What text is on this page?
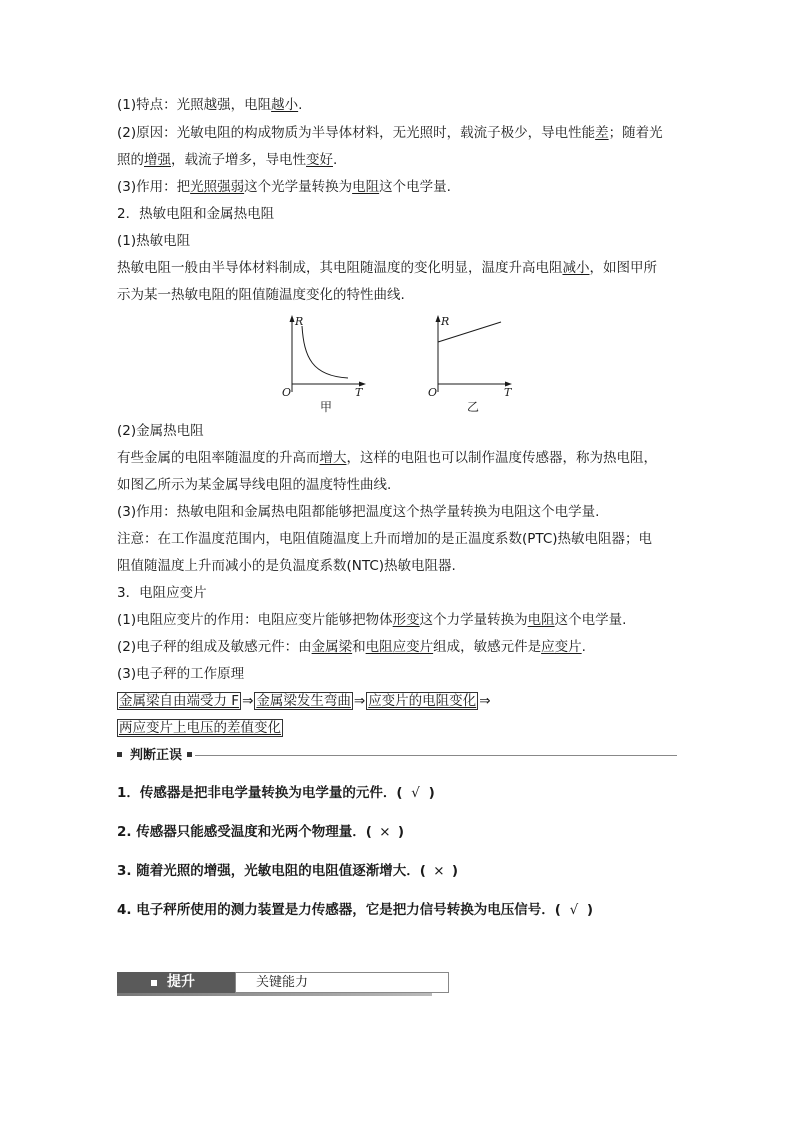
(1)特点：光照越强，电阻越小.
(2)原因：光敏电阻的构成物质为半导体材料，无光照时，载流子极少，导电性能差；随着光
照的增强，载流子增多，导电性变好.
(3)作用：把光照强弱这个光学量转换为电阻这个电学量.
2．热敏电阻和金属热电阻
(1)热敏电阻
热敏电阻一般由半导体材料制成，其电阻随温度的变化明显，温度升高电阻减小，如图甲所
示为某一热敏电阻的阻值随温度变化的特性曲线.
R
T
O
甲
R
T
O
乙
(2)金属热电阻
有些金属的电阻率随温度的升高而增大，这样的电阻也可以制作温度传感器，称为热电阻，
如图乙所示为某金属导线电阻的温度特性曲线.
(3)作用：热敏电阻和金属热电阻都能够把温度这个热学量转换为电阻这个电学量.
注意：在工作温度范围内，电阻值随温度上升而增加的是正温度系数(PTC)热敏电阻器；电
阻值随温度上升而减小的是负温度系数(NTC)热敏电阻器.
3．电阻应变片
(1)电阻应变片的作用：电阻应变片能够把物体形变这个力学量转换为电阻这个电学量.
(2)电子秤的组成及敏感元件：由金属梁和电阻应变片组成，敏感元件是应变片.
(3)电子秤的工作原理
金属梁自由端受力 F ⇒ 金属梁发生弯曲 ⇒ 应变片的电阻变化 ⇒
两应变片上电压的差值变化
判断正误
1．传感器是把非电学量转换为电学量的元件．( √ )
2. 传感器只能感受温度和光两个物理量．( × )
3. 随着光照的增强，光敏电阻的电阻值逐渐增大．( × )
4. 电子秤所使用的测力装置是力传感器，它是把力信号转换为电压信号．( √ )
提升	关键能力
